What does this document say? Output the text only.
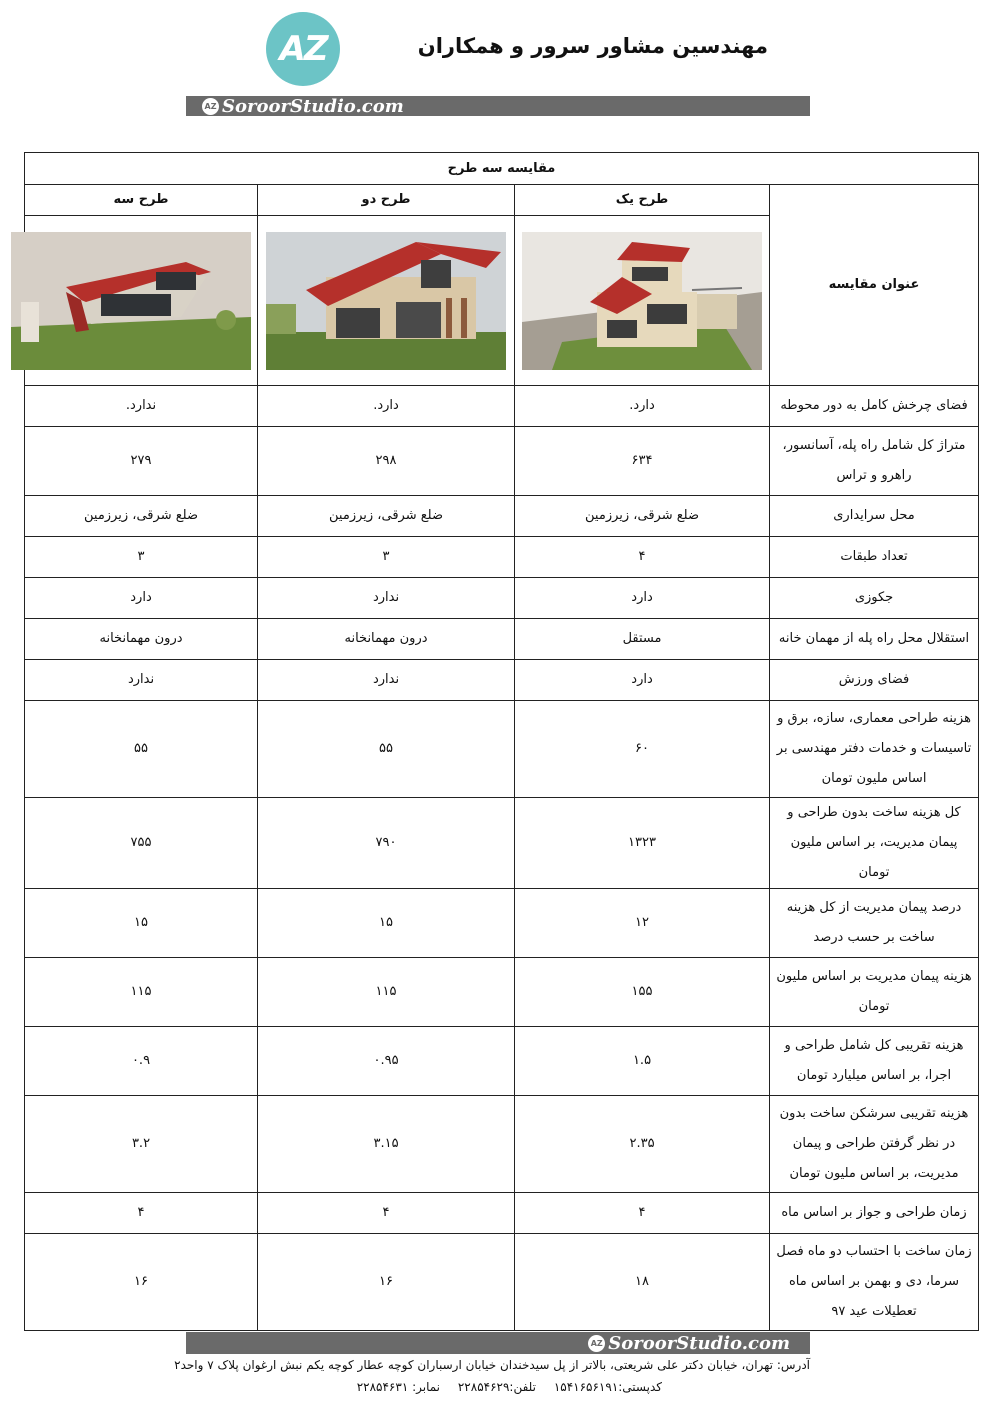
AZ	مهندسین مشاور سرور و همکاران
AZ SoroorStudio.com
مقایسه سه طرح			
عنوان مقایسه	طرح یک	طرح دو	طرح سه

فضای چرخش کامل به دور محوطه	دارد.	دارد.	ندارد.
متراژ کل شامل راه پله، آسانسور، راهرو و تراس	۶۳۴	۲۹۸	۲۷۹
محل سرایداری	ضلع شرقی، زیرزمین	ضلع شرقی، زیرزمین	ضلع شرقی، زیرزمین
تعداد طبقات	۴	۳	۳
جکوزی	دارد	ندارد	دارد
استقلال محل راه پله از مهمان خانه	مستقل	درون مهمانخانه	درون مهمانخانه
فضای ورزش	دارد	ندارد	ندارد
هزینه طراحی معماری، سازه، برق و تاسیسات و خدمات دفتر مهندسی بر اساس ملیون تومان	۶۰	۵۵	۵۵
کل هزینه ساخت بدون طراحی و پیمان مدیریت، بر اساس ملیون تومان	۱۳۲۳	۷۹۰	۷۵۵
درصد پیمان مدیریت از کل هزینه ساخت بر حسب درصد	۱۲	۱۵	۱۵
هزینه پیمان مدیریت بر اساس ملیون تومان	۱۵۵	۱۱۵	۱۱۵
هزینه تقریبی کل شامل طراحی و اجرا، بر اساس میلیارد تومان	۱.۵	۰.۹۵	۰.۹
هزینه تقریبی سرشکن ساخت بدون در نظر گرفتن طراحی و پیمان مدیریت، بر اساس ملیون تومان	۲.۳۵	۳.۱۵	۳.۲
زمان طراحی و جواز بر اساس ماه	۴	۴	۴
زمان ساخت با احتساب دو ماه فصل سرما، دی و بهمن بر اساس ماه تعطیلات عید ۹۷	۱۸	۱۶	۱۶
AZ SoroorStudio.com
آدرس: تهران، خیابان دکتر علی شریعتی، بالاتر از پل سیدخندان خیابان ارسباران کوچه عطار کوچه یکم نبش ارغوان پلاک ۷ واحد۲
کدپستی:۱۵۴۱۶۵۶۱۹۱ تلفن:۲۲۸۵۴۶۲۹ نمابر: ۲۲۸۵۴۶۳۱
